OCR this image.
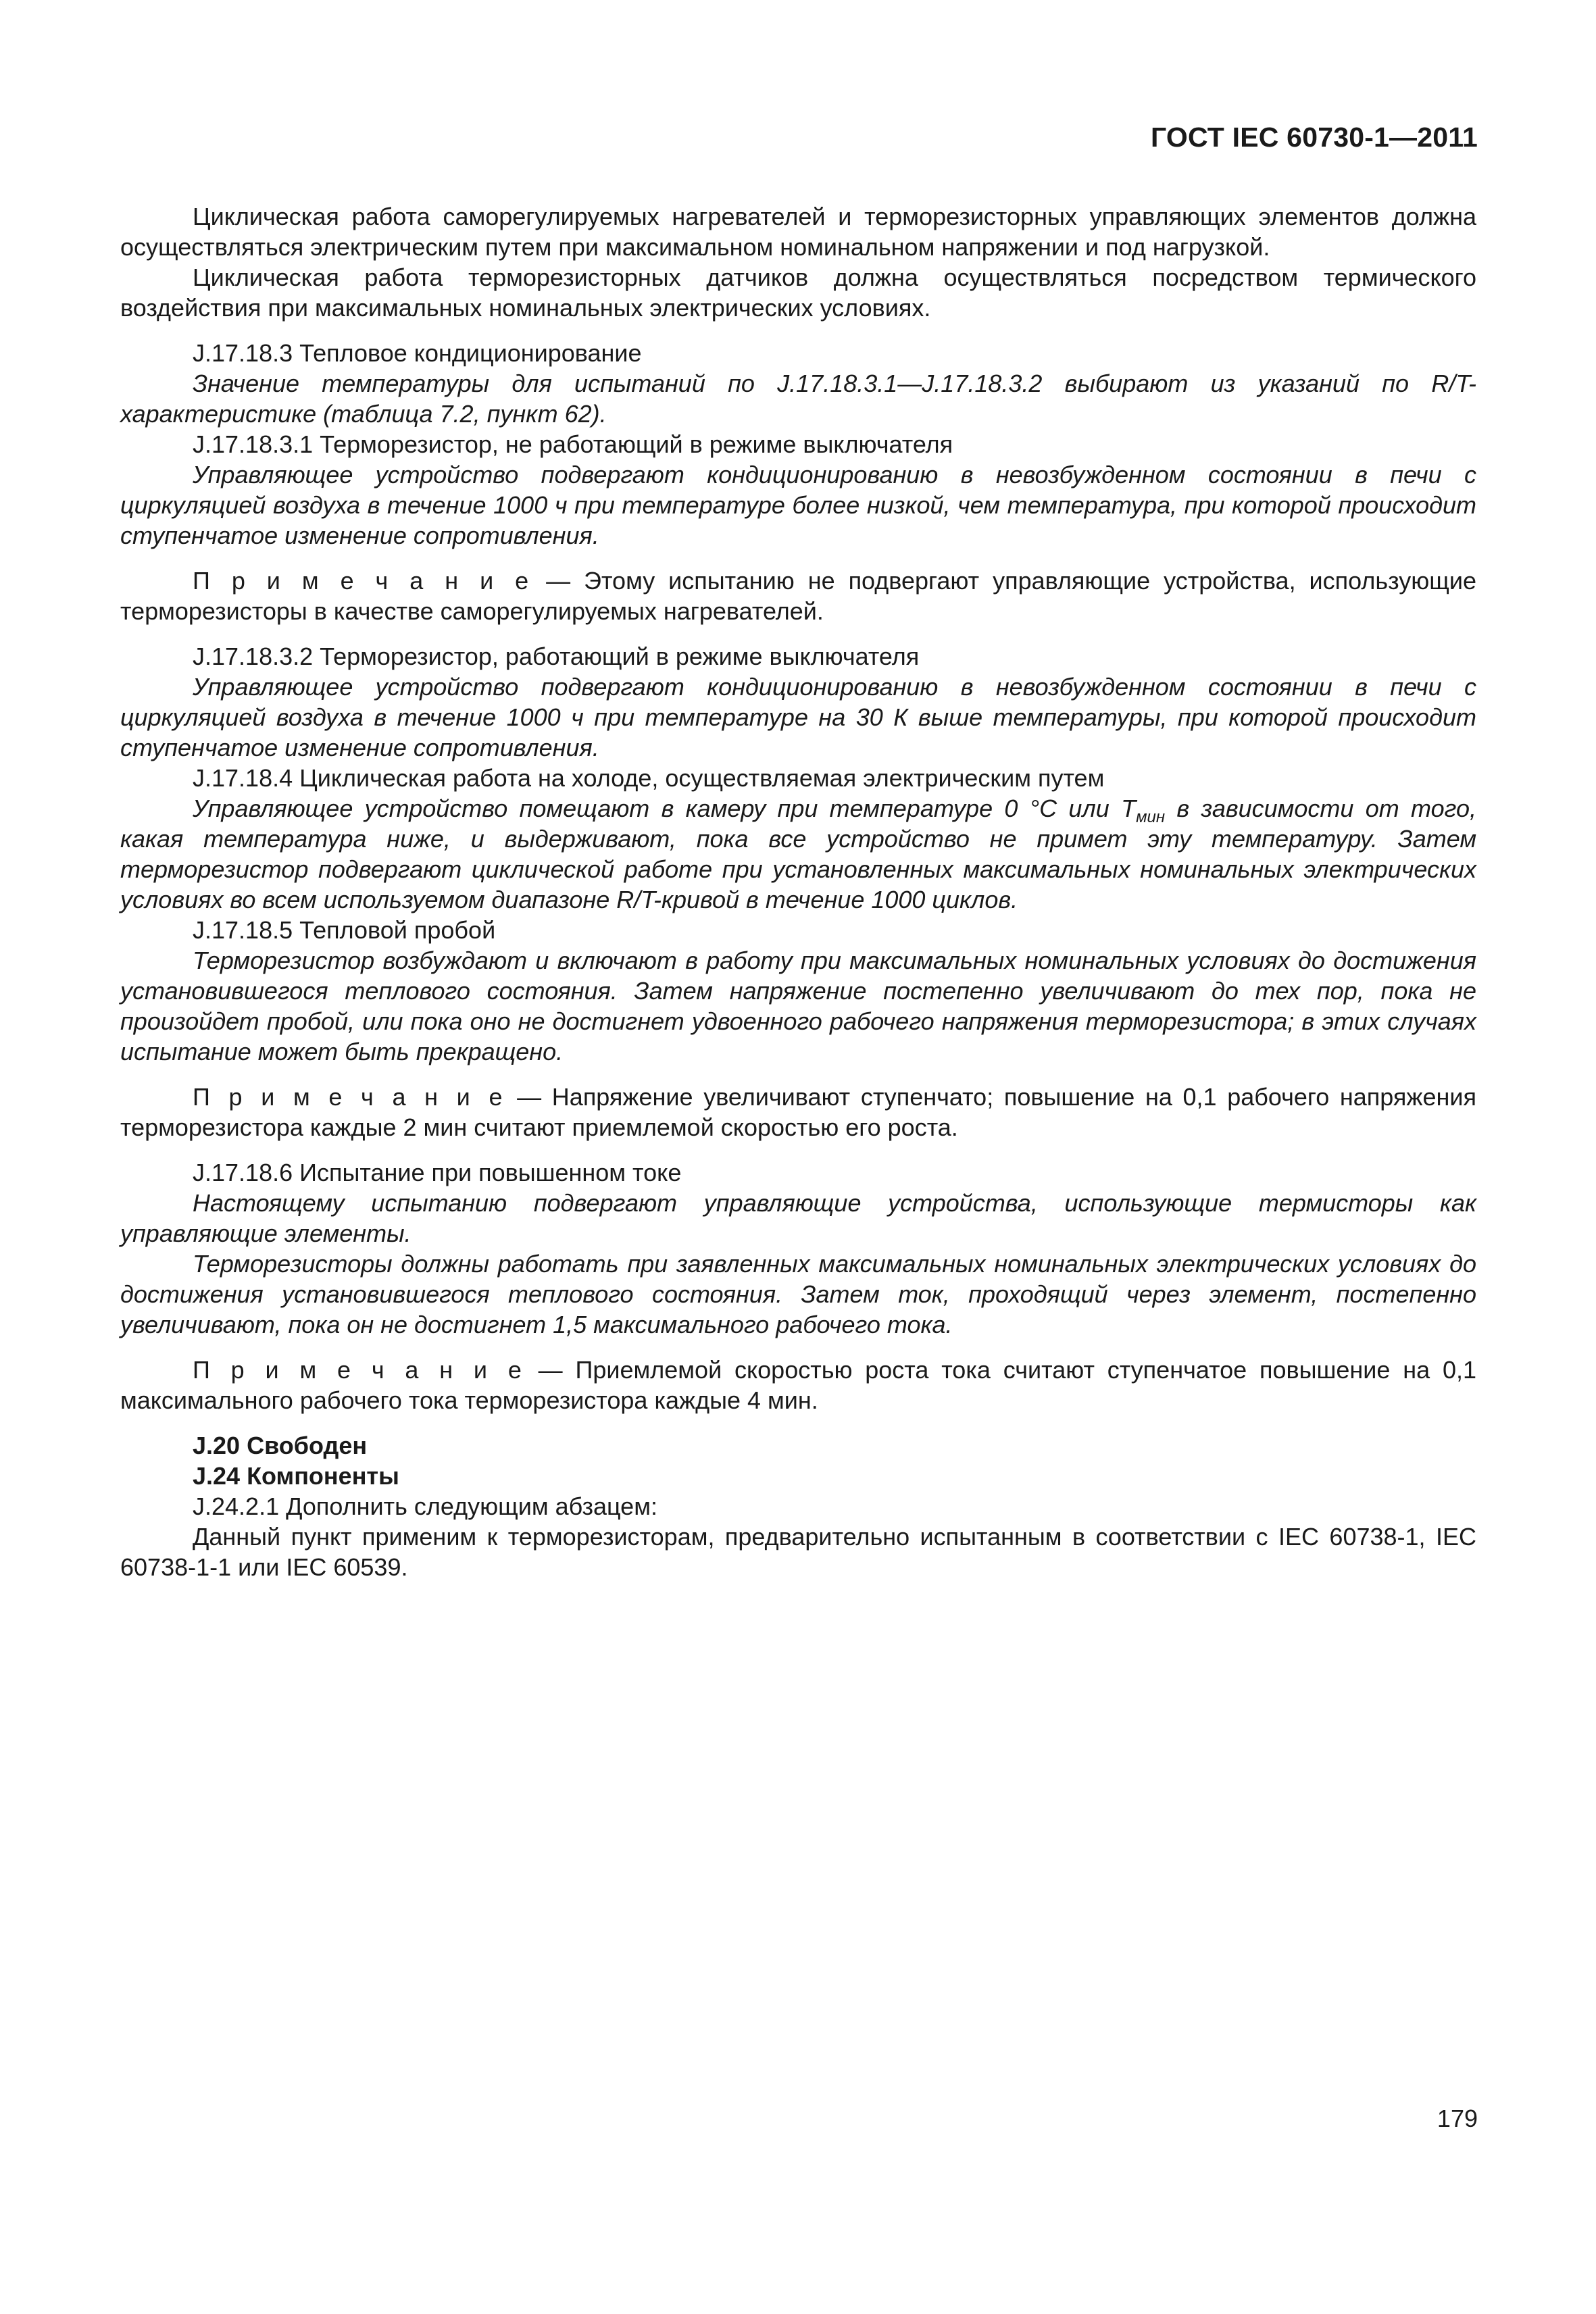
ГОСТ IEC 60730-1—2011

Циклическая работа саморегулируемых нагревателей и терморезисторных управляющих элементов должна осуществляться электрическим путем при максимальном номинальном напряжении и под нагрузкой.

Циклическая работа терморезисторных датчиков должна осуществляться посредством термического воздействия при максимальных номинальных электрических условиях.

J.17.18.3 Тепловое кондиционирование

Значение температуры для испытаний по J.17.18.3.1—J.17.18.3.2 выбирают из указаний по R/T-характеристике (таблица 7.2, пункт 62).

J.17.18.3.1 Терморезистор, не работающий в режиме выключателя

Управляющее устройство подвергают кондиционированию в невозбужденном состоянии в печи с циркуляцией воздуха в течение 1000 ч при температуре более низкой, чем температура, при которой происходит ступенчатое изменение сопротивления.

П р и м е ч а н и е — Этому испытанию не подвергают управляющие устройства, использующие терморезисторы в качестве саморегулируемых нагревателей.

J.17.18.3.2 Терморезистор, работающий в режиме выключателя

Управляющее устройство подвергают кондиционированию в невозбужденном состоянии в печи с циркуляцией воздуха в течение 1000 ч при температуре на 30 К выше температуры, при которой происходит ступенчатое изменение сопротивления.

J.17.18.4 Циклическая работа на холоде, осуществляемая электрическим путем

Управляющее устройство помещают в камеру при температуре 0 °С или $T_{мин}$ в зависимости от того, какая температура ниже, и выдерживают, пока все устройство не примет эту температуру. Затем терморезистор подвергают циклической работе при установленных максимальных номинальных электрических условиях во всем используемом диапазоне R/T-кривой в течение 1000 циклов.

J.17.18.5 Тепловой пробой

Терморезистор возбуждают и включают в работу при максимальных номинальных условиях до достижения установившегося теплового состояния. Затем напряжение постепенно увеличивают до тех пор, пока не произойдет пробой, или пока оно не достигнет удвоенного рабочего напряжения терморезистора; в этих случаях испытание может быть прекращено.

П р и м е ч а н и е — Напряжение увеличивают ступенчато; повышение на 0,1 рабочего напряжения терморезистора каждые 2 мин считают приемлемой скоростью его роста.

J.17.18.6 Испытание при повышенном токе

Настоящему испытанию подвергают управляющие устройства, использующие термисторы как управляющие элементы.

Терморезисторы должны работать при заявленных максимальных номинальных электрических условиях до достижения установившегося теплового состояния. Затем ток, проходящий через элемент, постепенно увеличивают, пока он не достигнет 1,5 максимального рабочего тока.

П р и м е ч а н и е — Приемлемой скоростью роста тока считают ступенчатое повышение на 0,1 максимального рабочего тока терморезистора каждые 4 мин.

J.20 Свободен

J.24 Компоненты

J.24.2.1 Дополнить следующим абзацем:

Данный пункт применим к терморезисторам, предварительно испытанным в соответствии с IEC 60738-1, IEC 60738-1-1 или IEC 60539.

179
